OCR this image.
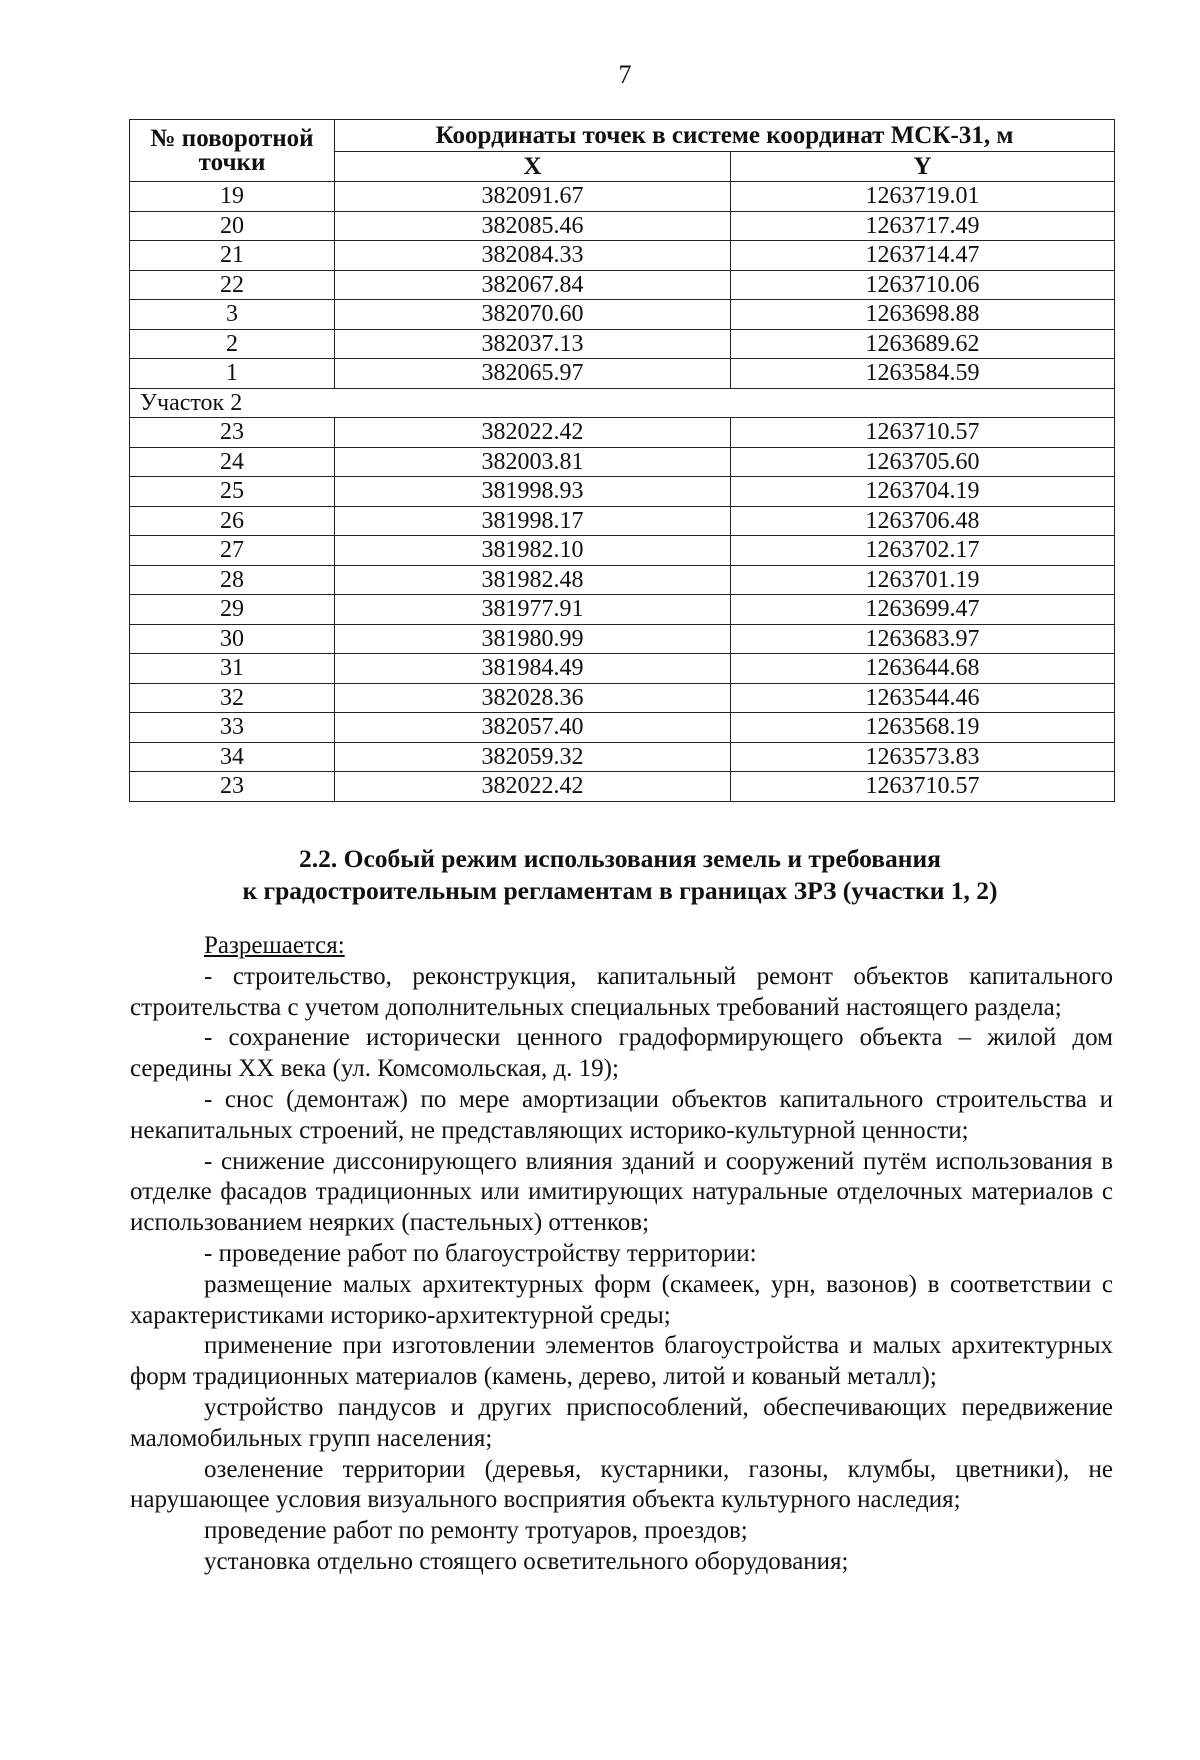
7
№ поворотной точки	Координаты точек в системе координат МСК-31, м	
	X	Y
19	382091.67	1263719.01
20	382085.46	1263717.49
21	382084.33	1263714.47
22	382067.84	1263710.06
3	382070.60	1263698.88
2	382037.13	1263689.62
1	382065.97	1263584.59
Участок 2		
23	382022.42	1263710.57
24	382003.81	1263705.60
25	381998.93	1263704.19
26	381998.17	1263706.48
27	381982.10	1263702.17
28	381982.48	1263701.19
29	381977.91	1263699.47
30	381980.99	1263683.97
31	381984.49	1263644.68
32	382028.36	1263544.46
33	382057.40	1263568.19
34	382059.32	1263573.83
23	382022.42	1263710.57
2.2. Особый режим использования земель и требования
к градостроительным регламентам в границах ЗРЗ (участки 1, 2)

Разрешается:

- строительство, реконструкция, капитальный ремонт объектов капитального строительства с учетом дополнительных специальных требований настоящего раздела;

- сохранение исторически ценного градоформирующего объекта – жилой дом середины XX века (ул. Комсомольская, д. 19);

- снос (демонтаж) по мере амортизации объектов капитального строительства и некапитальных строений, не представляющих историко-культурной ценности;

- снижение диссонирующего влияния зданий и сооружений путём использования в отделке фасадов традиционных или имитирующих натуральные отделочных материалов с использованием неярких (пастельных) оттенков;

- проведение работ по благоустройству территории:

размещение малых архитектурных форм (скамеек, урн, вазонов) в соответствии с характеристиками историко-архитектурной среды;

применение при изготовлении элементов благоустройства и малых архитектурных форм традиционных материалов (камень, дерево, литой и кованый металл);

устройство пандусов и других приспособлений, обеспечивающих передвижение маломобильных групп населения;

озеленение территории (деревья, кустарники, газоны, клумбы, цветники), не нарушающее условия визуального восприятия объекта культурного наследия;

проведение работ по ремонту тротуаров, проездов;

установка отдельно стоящего осветительного оборудования;
